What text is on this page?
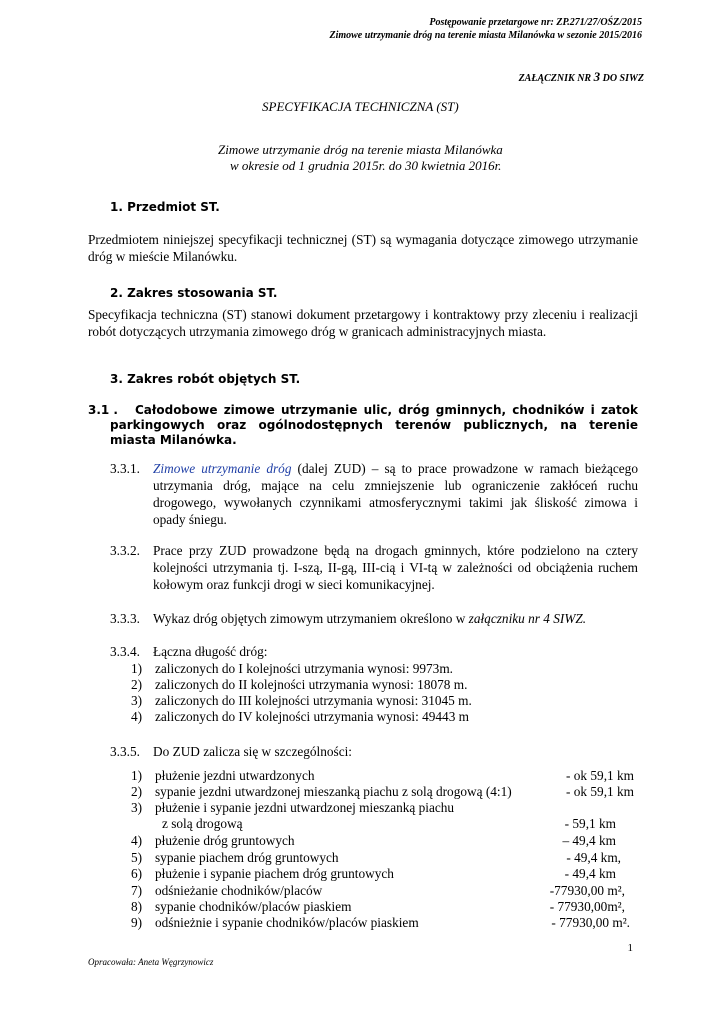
Postępowanie przetargowe nr: ZP.271/27/OŚZ/2015
Zimowe utrzymanie dróg na terenie miasta Milanówka w sezonie 2015/2016
ZAŁĄCZNIK NR 3 DO SIWZ
SPECYFIKACJA TECHNICZNA (ST)
Zimowe utrzymanie dróg na terenie miasta Milanówka
w okresie od 1 grudnia 2015r. do 30 kwietnia 2016r.
1. Przedmiot ST.
Przedmiotem niniejszej specyfikacji technicznej (ST) są wymagania dotyczące zimowego utrzymanie dróg w mieście Milanówku.
2. Zakres stosowania ST.
Specyfikacja techniczna (ST) stanowi dokument przetargowy i kontraktowy przy zleceniu i realizacji robót dotyczących utrzymania zimowego dróg w granicach administracyjnych miasta.
3. Zakres robót objętych ST.
3.1 .	Całodobowe zimowe utrzymanie ulic, dróg gminnych, chodników i zatok parkingowych oraz ogólnodostępnych terenów publicznych, na terenie miasta Milanówka.
3.3.1. Zimowe utrzymanie dróg (dalej ZUD) – są to prace prowadzone w ramach bieżącego utrzymania dróg, mające na celu zmniejszenie lub ograniczenie zakłóceń ruchu drogowego, wywołanych czynnikami atmosferycznymi takimi jak śliskość zimowa i opady śniegu.
3.3.2. Prace przy ZUD prowadzone będą na drogach gminnych, które podzielono na cztery kolejności utrzymania tj. I-szą, II-gą, III-cią i VI-tą w zależności od obciążenia ruchem kołowym oraz funkcji drogi w sieci komunikacyjnej.
3.3.3. Wykaz dróg objętych zimowym utrzymaniem określono w załączniku nr 4 SIWZ.
3.3.4. Łączna długość dróg:
1) zaliczonych do I kolejności utrzymania wynosi: 9973m.
2) zaliczonych do II kolejności utrzymania wynosi: 18078 m.
3) zaliczonych do III kolejności utrzymania wynosi: 31045 m.
4) zaliczonych do IV kolejności utrzymania wynosi: 49443 m
3.3.5. Do ZUD zalicza się w szczególności:
1) płużenie jezdni utwardzonych	- ok 59,1 km
2) sypanie jezdni utwardzonej mieszanką piachu z solą drogową (4:1)	- ok 59,1 km
3) płużenie i sypanie jezdni utwardzonej mieszanką piachu
z solą drogową	- 59,1 km
4) płużenie dróg gruntowych	– 49,4 km
5) sypanie piachem dróg gruntowych	- 49,4 km,
6) płużenie i sypanie piachem dróg gruntowych	- 49,4 km
7) odśnieżanie chodników/placów	-77930,00 m²,
8) sypanie chodników/placów piaskiem	- 77930,00m²,
9) odśnieżnie i sypanie chodników/placów piaskiem	- 77930,00 m².
1
Opracowała: Aneta Węgrzynowicz
